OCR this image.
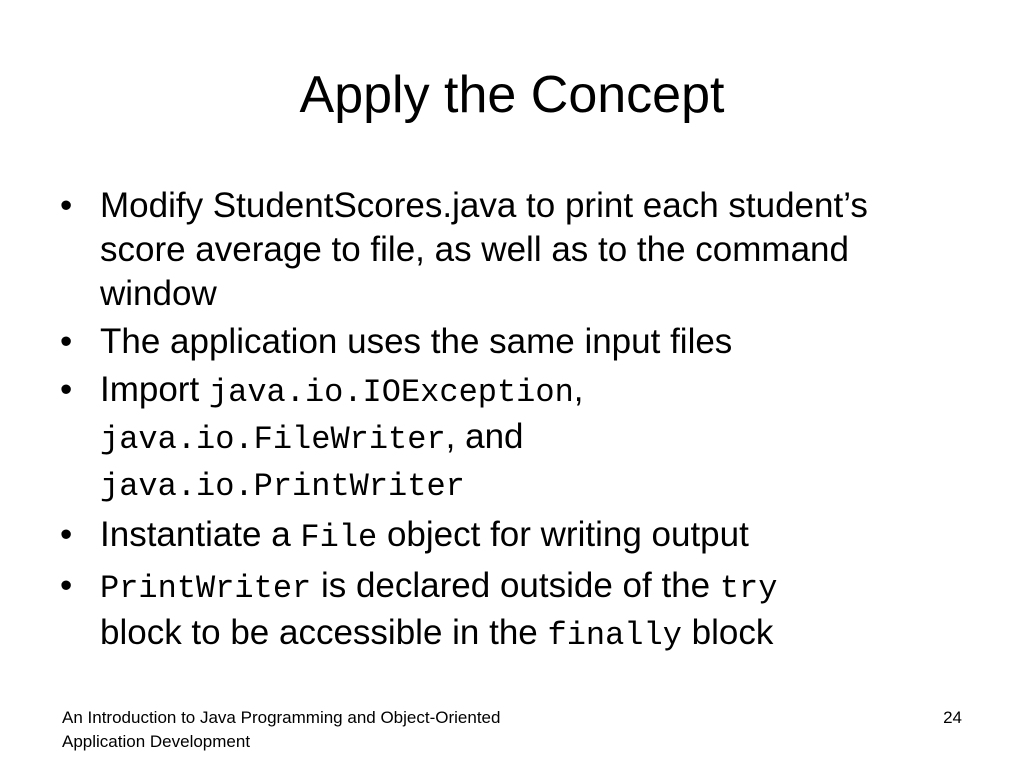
Apply the Concept
• Modify StudentScores.java to print each student’s score average to file, as well as to the command window
• The application uses the same input files
• Import java.io.IOException,
java.io.FileWriter, and
java.io.PrintWriter
• Instantiate a File object for writing output
• PrintWriter is declared outside of the try
block to be accessible in the finally block
An Introduction to Java Programming and Object-Oriented
Application Development
24
